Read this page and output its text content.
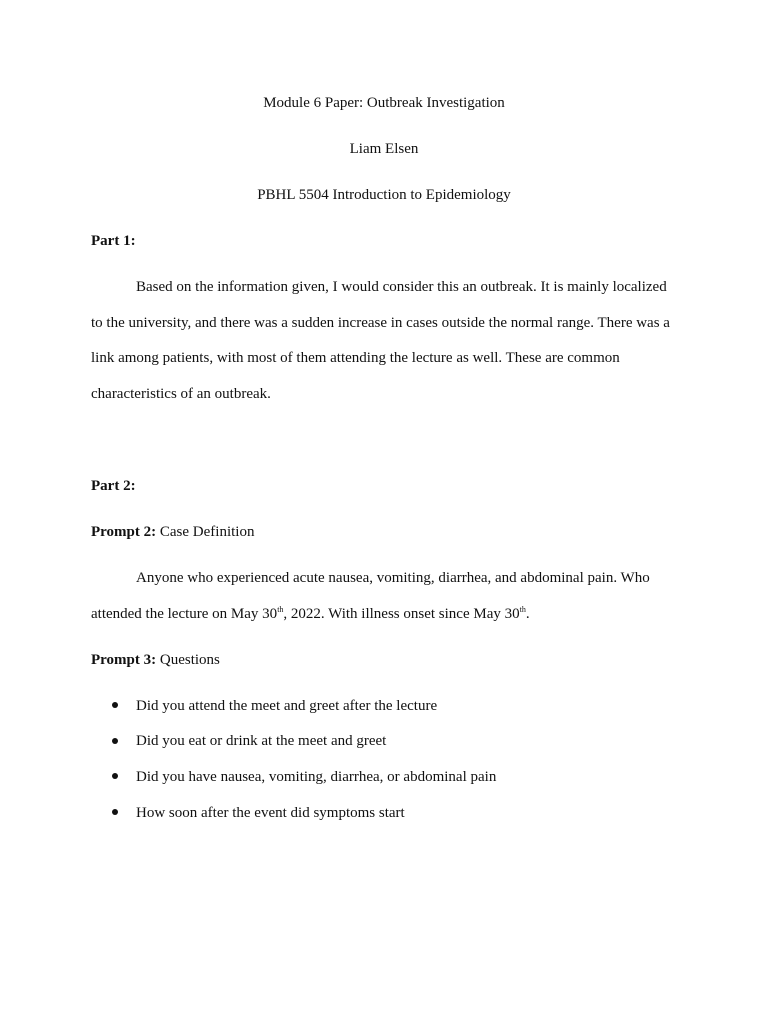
Module 6 Paper: Outbreak Investigation
Liam Elsen
PBHL 5504 Introduction to Epidemiology
Part 1:
Based on the information given, I would consider this an outbreak. It is mainly localized
to the university, and there was a sudden increase in cases outside the normal range. There was a
link among patients, with most of them attending the lecture as well. These are common
characteristics of an outbreak.
Part 2:
Prompt 2: Case Definition
Anyone who experienced acute nausea, vomiting, diarrhea, and abdominal pain. Who
attended the lecture on May 30th, 2022. With illness onset since May 30th.
Prompt 3: Questions
Did you attend the meet and greet after the lecture
Did you eat or drink at the meet and greet
Did you have nausea, vomiting, diarrhea, or abdominal pain
How soon after the event did symptoms start
